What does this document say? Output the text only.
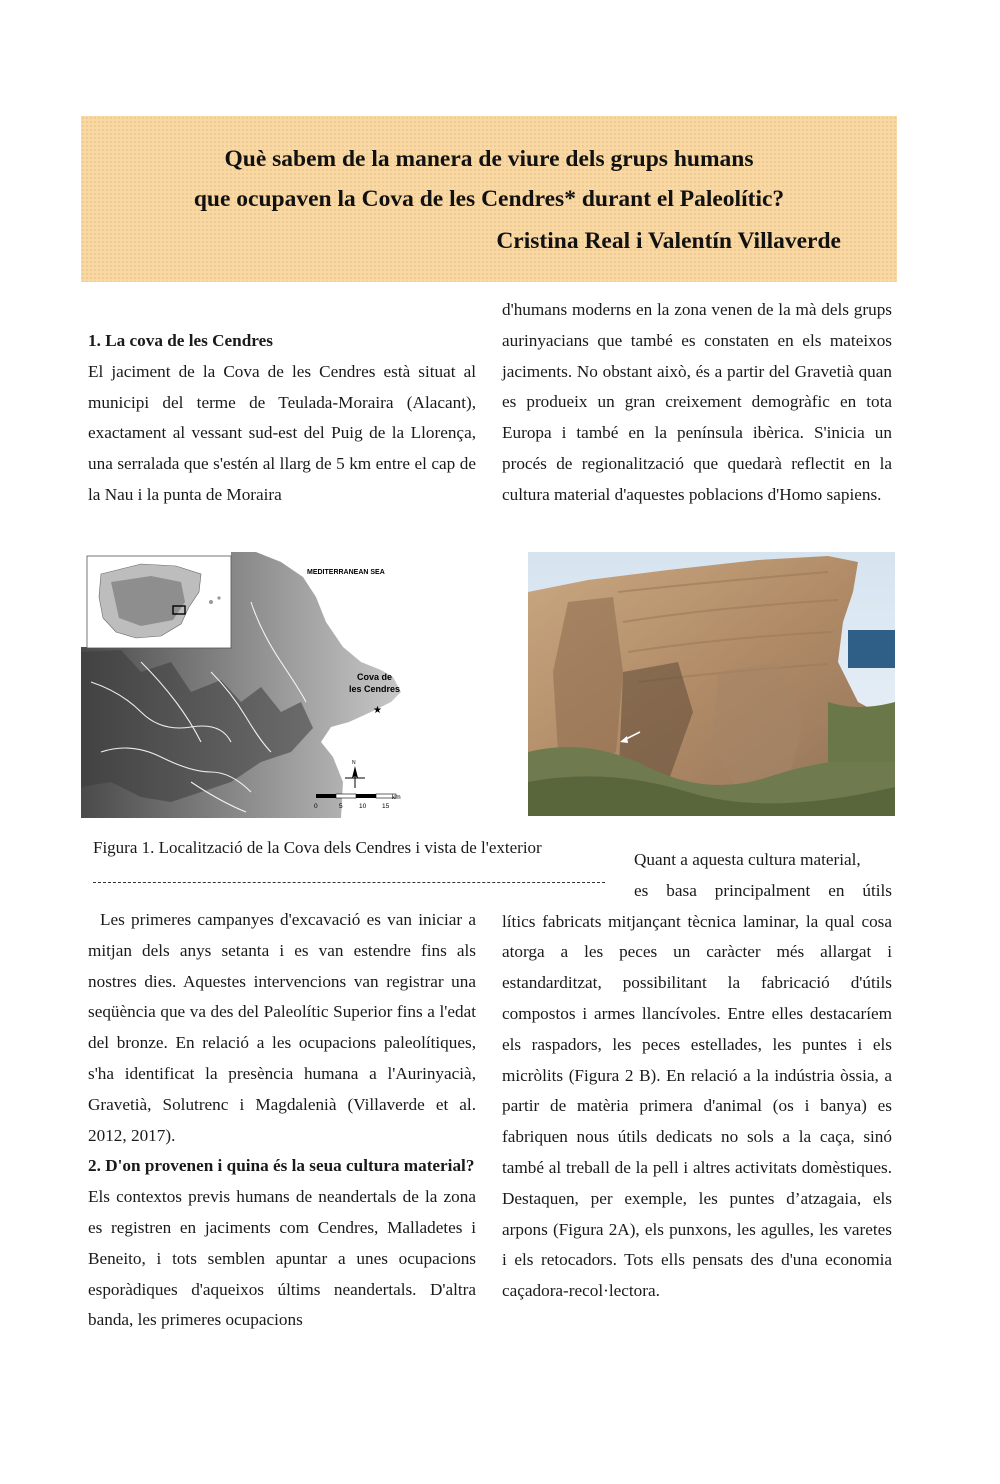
Què sabem de la manera de viure dels grups humans
que ocupaven la Cova de les Cendres* durant el Paleolític?
Cristina Real i Valentín Villaverde
1. La cova de les Cendres

El jaciment de la Cova de les Cendres està situat al municipi del terme de Teulada-Moraira (Alacant), exactament al vessant sud-est del Puig de la Llorença, una serralada que s'estén al llarg de 5 km entre el cap de la Nau i la punta de Moraira

d'humans moderns en la zona venen de la mà dels grups aurinyacians que també es constaten en els mateixos jaciments. No obstant això, és a partir del Gravetià quan es produeix un gran creixement demogràfic en tota Europa i també en la península ibèrica. S'inicia un procés de regionalització que quedarà reflectit en la cultura material d'aquestes poblacions d'Homo sapiens.

MEDITERRANEAN SEA
Cova de
les Cendres
★
N
0	5	10 15
km
Figura 1. Localització de la Cova dels Cendres i vista de l'exterior

Les primeres campanyes d'excavació es van iniciar a mitjan dels anys setanta i es van estendre fins als nostres dies. Aquestes intervencions van registrar una seqüència que va des del Paleolític Superior fins a l'edat del bronze. En relació a les ocupacions paleolítiques, s'ha identificat la presència humana a l'Aurinyacià, Gravetià, Solutrenc i Magdalenià (Villaverde et al. 2012, 2017).

2. D'on provenen i quina és la seua cultura material?

Els contextos previs humans de neandertals de la zona es registren en jaciments com Cendres, Malladetes i Beneito, i tots semblen apuntar a unes ocupacions esporàdiques d'aqueixos últims neandertals. D'altra banda, les primeres ocupacions

Quant a aquesta cultura material,

es basa principalment en útils

lítics fabricats mitjançant tècnica laminar, la qual cosa atorga a les peces un caràcter més allargat i estandarditzat, possibilitant la fabricació d'útils compostos i armes llancívoles. Entre elles destacaríem els raspadors, les peces estellades, les puntes i els micròlits (Figura 2 B). En relació a la indústria òssia, a partir de matèria primera d'animal (os i banya) es fabriquen nous útils dedicats no sols a la caça, sinó també al treball de la pell i altres activitats domèstiques. Destaquen, per exemple, les puntes d’atzagaia, els arpons (Figura 2A), els punxons, les agulles, les varetes i els retocadors. Tots ells pensats des d'una economia caçadora-recol·lectora.
